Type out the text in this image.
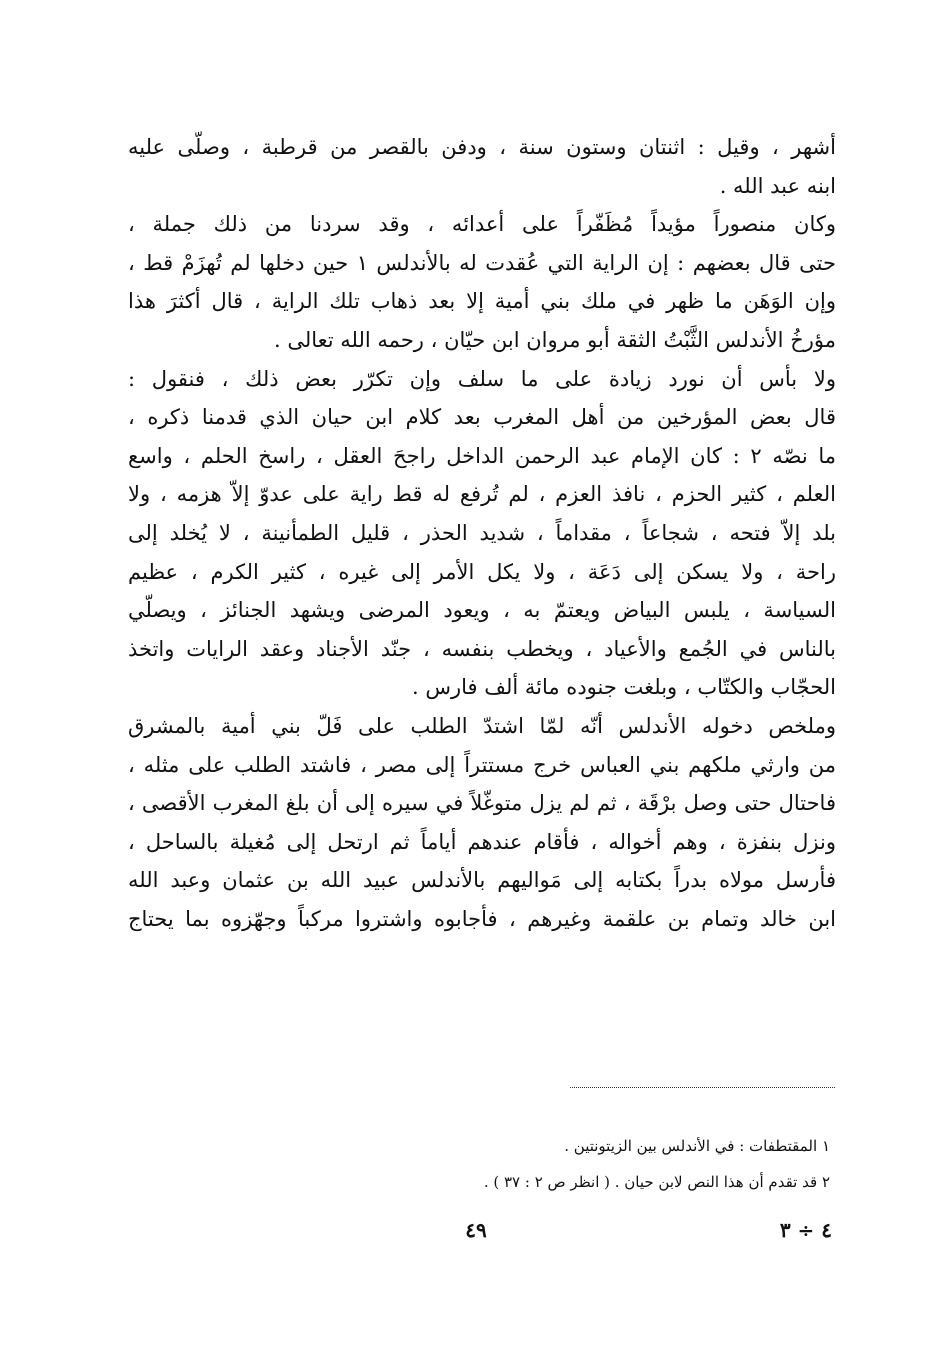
أشهر ، وقيل : اثنتان وستون سنة ، ودفن بالقصر من قرطبة ، وصلّى عليه
ابنه عبد الله .
وكان منصوراً مؤيداً مُظَفّراً على أعدائه ، وقد سردنا من ذلك جملة ،
حتى قال بعضهم : إن الراية التي عُقدت له بالأندلس ١ حين دخلها لم تُهزَمْ قط ،
وإن الوَهَن ما ظهر في ملك بني أمية إلا بعد ذهاب تلك الراية ، قال أكثرَ هذا
مؤرخُ الأندلس الثَّبْتُ الثقة أبو مروان ابن حيّان ، رحمه الله تعالى .
ولا بأس أن نورد زيادة على ما سلف وإن تكرّر بعض ذلك ، فنقول :
قال بعض المؤرخين من أهل المغرب بعد كلام ابن حيان الذي قدمنا ذكره ،
ما نصّه ٢ : كان الإمام عبد الرحمن الداخل راجحَ العقل ، راسخ الحلم ، واسع
العلم ، كثير الحزم ، نافذ العزم ، لم تُرفع له قط راية على عدوّ إلاّ هزمه ، ولا
بلد إلاّ فتحه ، شجاعاً ، مقداماً ، شديد الحذر ، قليل الطمأنينة ، لا يُخلد إلى
راحة ، ولا يسكن إلى دَعَة ، ولا يكل الأمر إلى غيره ، كثير الكرم ، عظيم
السياسة ، يلبس البياض ويعتمّ به ، ويعود المرضى ويشهد الجنائز ، ويصلّي
بالناس في الجُمع والأعياد ، ويخطب بنفسه ، جنّد الأجناد وعقد الرايات واتخذ
الحجّاب والكتّاب ، وبلغت جنوده مائة ألف فارس .
وملخص دخوله الأندلس أنّه لمّا اشتدّ الطلب على فَلّ بني أمية بالمشرق
من وارثي ملكهم بني العباس خرج مستتراً إلى مصر ، فاشتد الطلب على مثله ،
فاحتال حتى وصل برْقَة ، ثم لم يزل متوغّلاً في سيره إلى أن بلغ المغرب الأقصى ،
ونزل بنفزة ، وهم أخواله ، فأقام عندهم أياماً ثم ارتحل إلى مُغيلة بالساحل ،
فأرسل مولاه بدراً بكتابه إلى مَواليهم بالأندلس عبيد الله بن عثمان وعبد الله
ابن خالد وتمام بن علقمة وغيرهم ، فأجابوه واشتروا مركباً وجهّزوه بما يحتاج
١ المقتطفات : في الأندلس بين الزيتونتين .
٢ قد تقدم أن هذا النص لابن حيان . ( انظر ص ٢ : ٣٧ ) .
٤٩	٤ ÷ ٣
